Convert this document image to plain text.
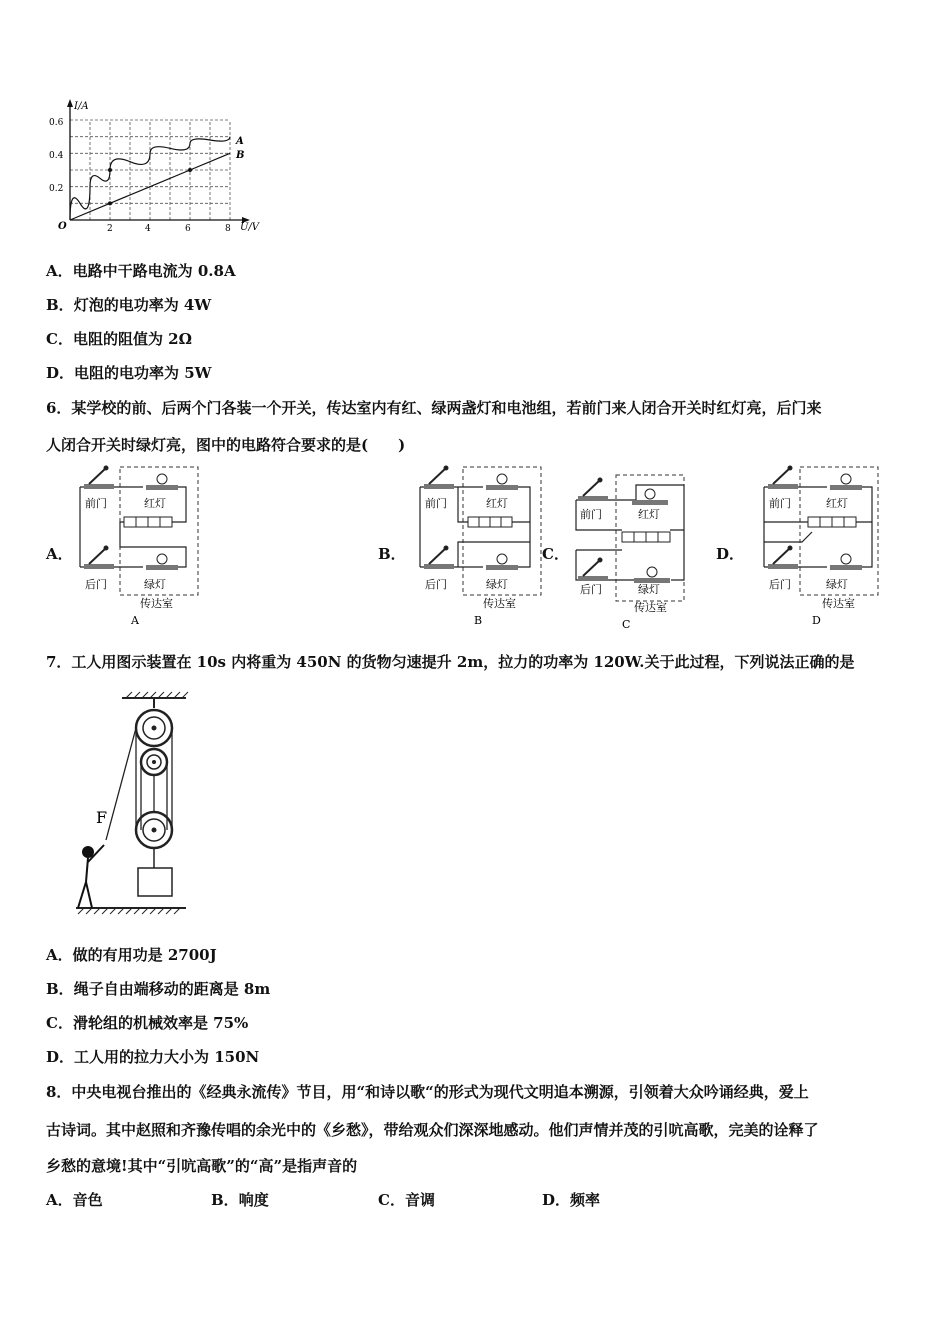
I/A
U/V
O
0.6
0.4
0.2
2	4	6	8
A
B
A．电路中干路电流为 0.8A
B．灯泡的电功率为 4W
C．电阻的阻值为 2Ω
D．电阻的电功率为 5W
6．某学校的前、后两个门各装一个开关，传达室内有红、绿两盏灯和电池组，若前门来人闭合开关时红灯亮，后门来
人闭合开关时绿灯亮，图中的电路符合要求的是(　　)
A．	B．	C．	D．
前门	红灯
后门	绿灯
传达室
A
前门	红灯
后门	绿灯
传达室
B
前门	红灯
后门	绿灯
传达室
C
前门	红灯
后门	绿灯
传达室
D
7．工人用图示装置在 10s 内将重为 450N 的货物匀速提升 2m，拉力的功率为 120W.关于此过程，下列说法正确的是
F
A．做的有用功是 2700J
B．绳子自由端移动的距离是 8m
C．滑轮组的机械效率是 75%
D．工人用的拉力大小为 150N
8．中央电视台推出的《经典永流传》节目，用“和诗以歌“的形式为现代文明追本溯源，引领着大众吟诵经典，爱上
古诗词。其中赵照和齐豫传唱的余光中的《乡愁》，带给观众们深深地感动。他们声情并茂的引吭高歌，完美的诠释了
乡愁的意境!其中“引吭高歌”的“高”是指声音的
A．音色	B．响度	C．音调	D．频率
